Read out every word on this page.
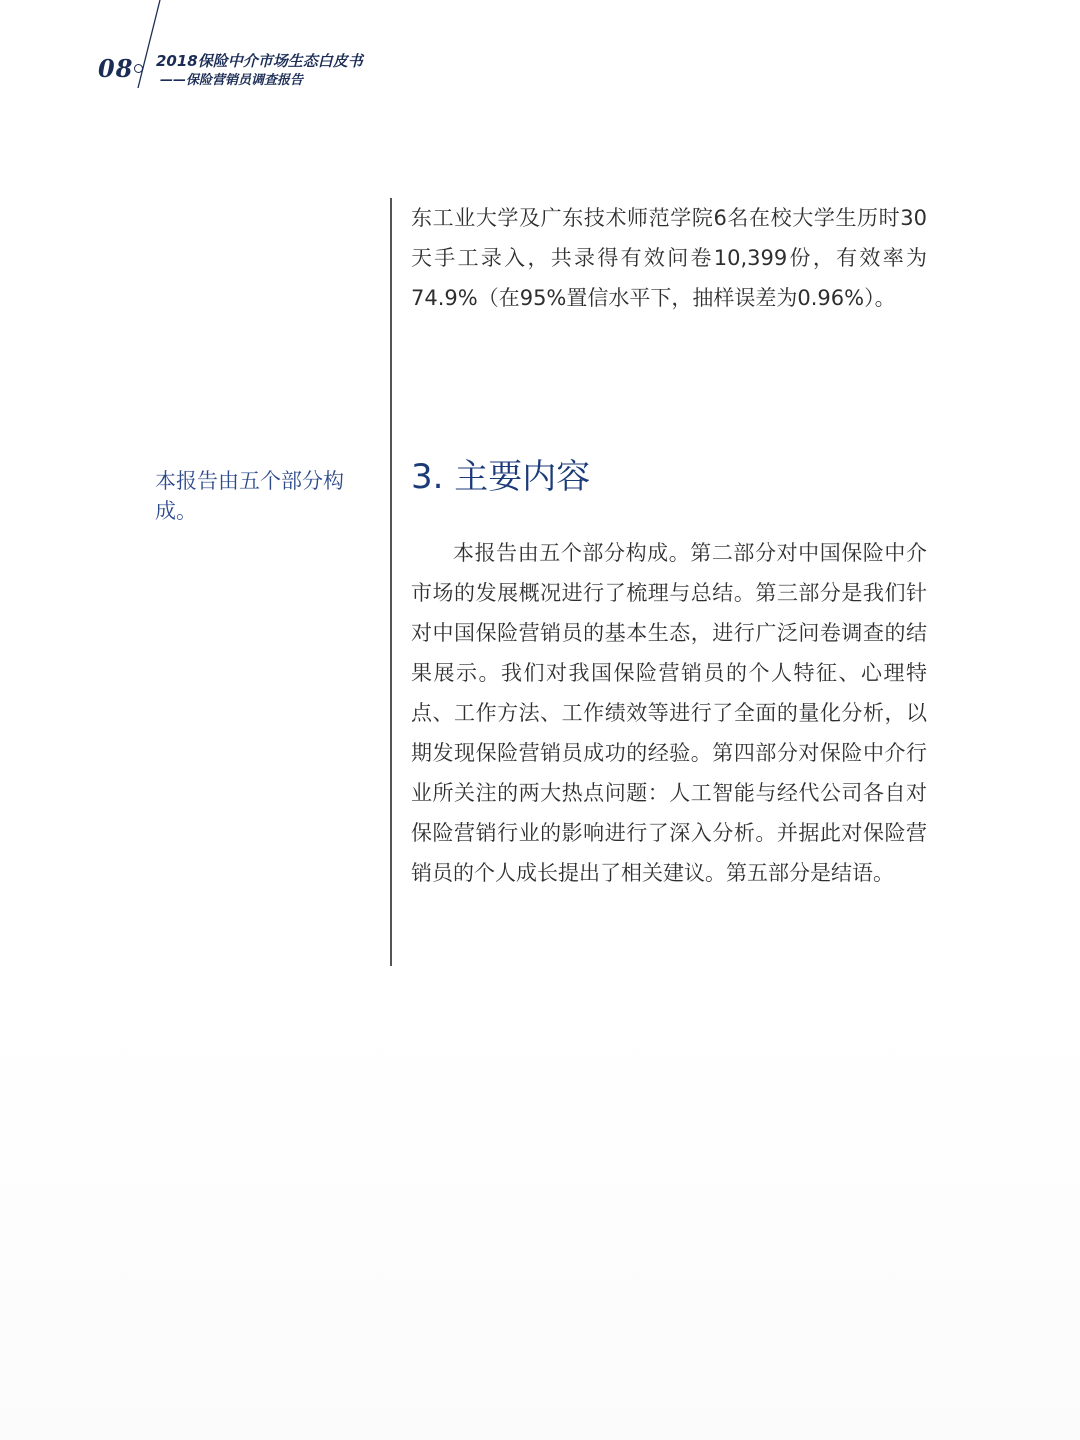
08 2018保险中介市场生态白皮书
——保险营销员调查报告

东工业大学及广东技术师范学院6名在校大学生历时30天手工录入，共录得有效问卷10,399份，有效率为74.9%（在95%置信水平下，抽样误差为0.96%）。

本报告由五个部分构成。

3. 主要内容

本报告由五个部分构成。第二部分对中国保险中介市场的发展概况进行了梳理与总结。第三部分是我们针对中国保险营销员的基本生态，进行广泛问卷调查的结果展示。我们对我国保险营销员的个人特征、心理特点、工作方法、工作绩效等进行了全面的量化分析，以期发现保险营销员成功的经验。第四部分对保险中介行业所关注的两大热点问题：人工智能与经代公司各自对保险营销行业的影响进行了深入分析。并据此对保险营销员的个人成长提出了相关建议。第五部分是结语。
